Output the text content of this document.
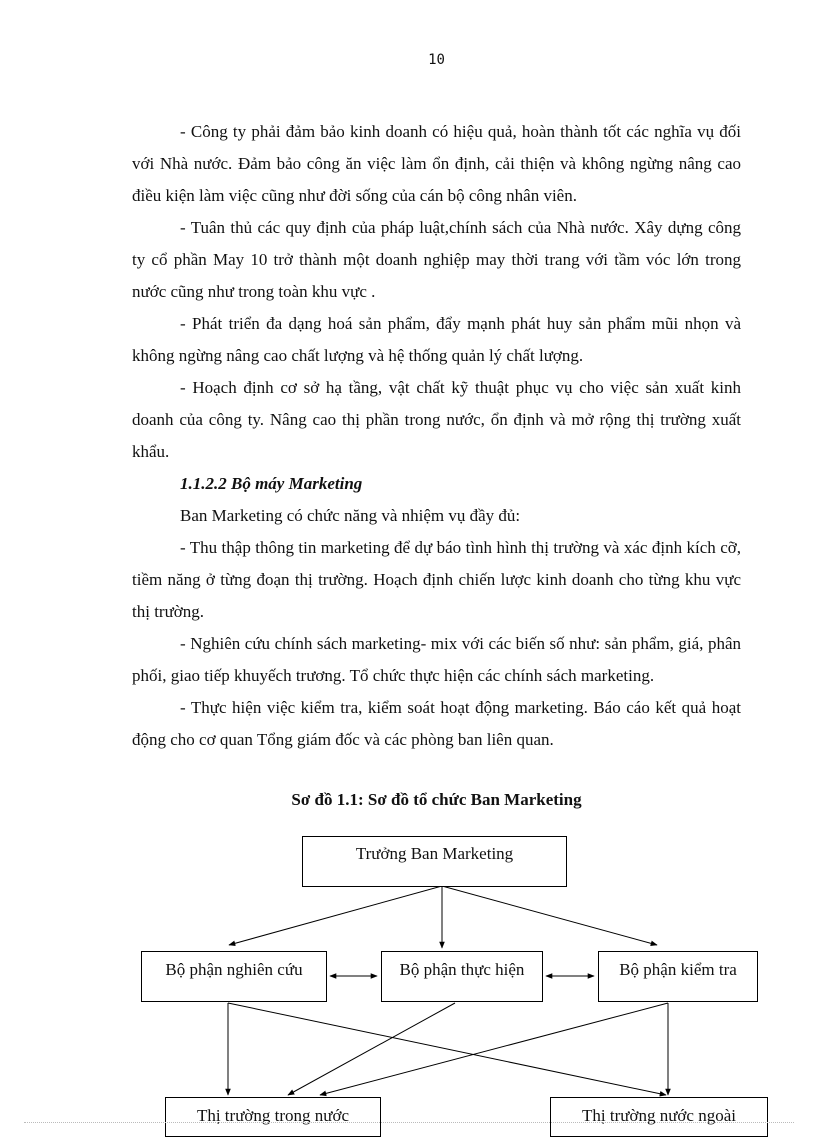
10

- Công ty phải đảm bảo kinh doanh có hiệu quả, hoàn thành tốt các nghĩa vụ đối với Nhà nước. Đảm bảo công ăn việc làm ổn định, cải thiện và không ngừng nâng cao điều kiện làm việc cũng như đời sống của cán bộ công nhân viên.

- Tuân thủ các quy định của pháp luật,chính sách của Nhà nước. Xây dựng công ty cổ phần May 10 trở thành một doanh nghiệp may thời trang với tầm vóc lớn trong nước cũng như trong toàn khu vực .

- Phát triển đa dạng hoá sản phẩm, đẩy mạnh phát huy sản phẩm mũi nhọn và không ngừng nâng cao chất lượng và hệ thống quản lý chất lượng.

- Hoạch định cơ sở hạ tầng, vật chất kỹ thuật phục vụ cho việc sản xuất kinh doanh của công ty. Nâng cao thị phần trong nước, ổn định và mở rộng thị trường xuất khẩu.

1.1.2.2 Bộ máy Marketing

Ban Marketing có chức năng và nhiệm vụ đầy đủ:

- Thu thập thông tin marketing để dự báo tình hình thị trường và xác định kích cỡ, tiềm năng ở từng đoạn thị trường. Hoạch định chiến lược kinh doanh cho từng khu vực thị trường.

- Nghiên cứu chính sách marketing- mix với các biến số như: sản phẩm, giá, phân phối, giao tiếp khuyếch trương. Tổ chức thực hiện các chính sách marketing.

- Thực hiện việc kiểm tra, kiểm soát hoạt động marketing. Báo cáo kết quả hoạt động cho cơ quan Tổng giám đốc và các phòng ban liên quan.

Sơ đồ 1.1: Sơ đồ tổ chức Ban Marketing
Trưởng Ban Marketing
Bộ phận nghiên cứu	Bộ phận thực hiện	Bộ phận kiểm tra
Thị trường trong nước	Thị trường nước ngoài
